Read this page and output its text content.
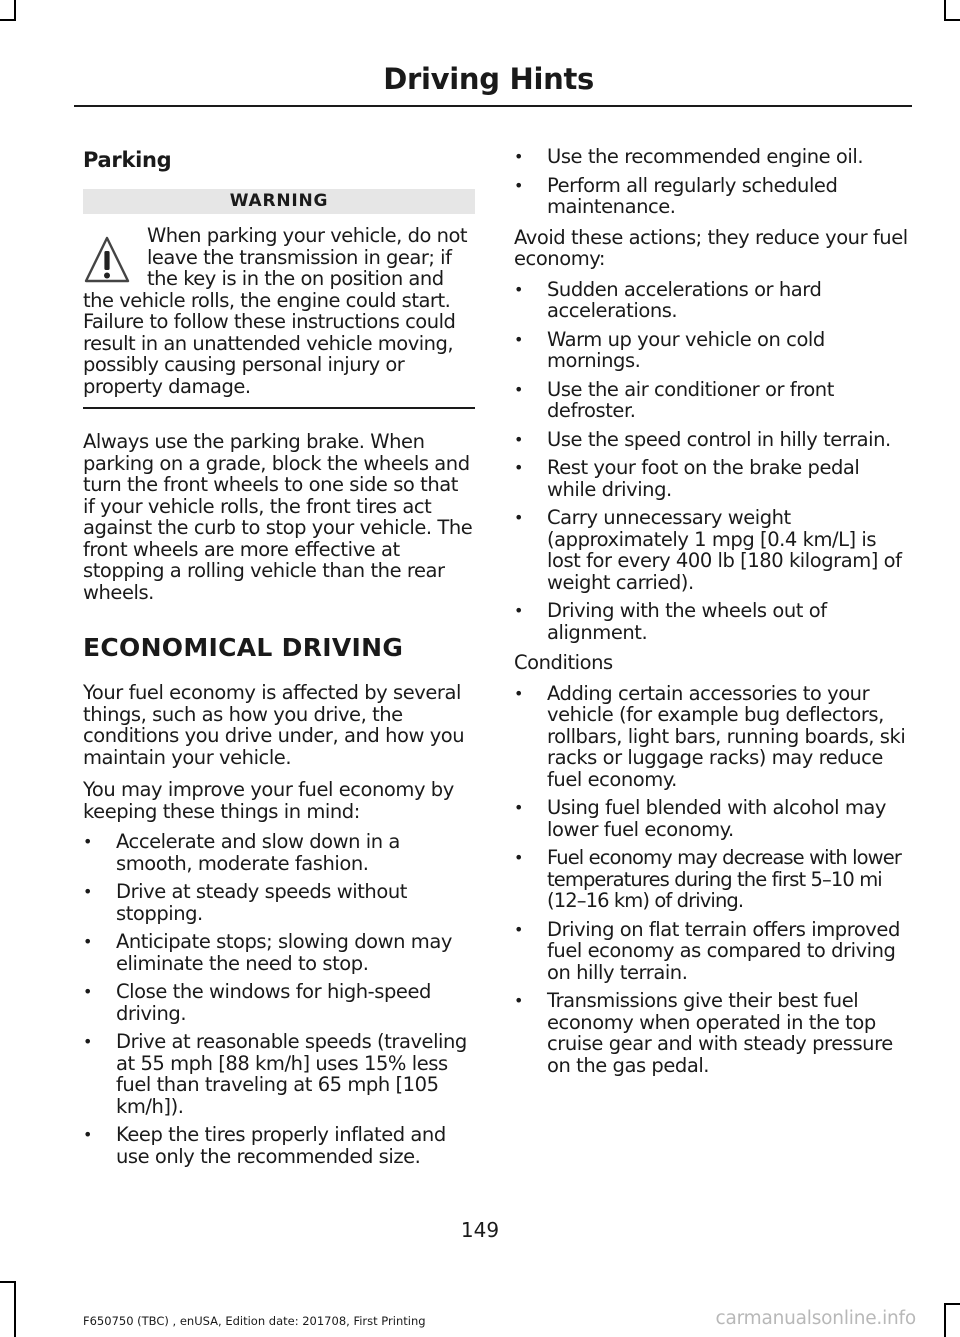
Driving Hints
Parking
WARNING

When parking your vehicle, do not leave the transmission in gear; if the key is in the on position and the vehicle rolls, the engine could start. Failure to follow these instructions could result in an unattended vehicle moving, possibly causing personal injury or property damage.

Always use the parking brake. When parking on a grade, block the wheels and turn the front wheels to one side so that if your vehicle rolls, the front tires act against the curb to stop your vehicle. The front wheels are more effective at stopping a rolling vehicle than the rear wheels.

ECONOMICAL DRIVING

Your fuel economy is affected by several things, such as how you drive, the conditions you drive under, and how you maintain your vehicle.

You may improve your fuel economy by keeping these things in mind:

• Accelerate and slow down in a smooth, moderate fashion.
• Drive at steady speeds without stopping.
• Anticipate stops; slowing down may eliminate the need to stop.
• Close the windows for high-speed driving.
• Drive at reasonable speeds (traveling at 55 mph [88 km/h] uses 15% less fuel than traveling at 65 mph [105 km/h]).
• Keep the tires properly inflated and use only the recommended size.
• Use the recommended engine oil.
• Perform all regularly scheduled maintenance.

Avoid these actions; they reduce your fuel economy:

• Sudden accelerations or hard accelerations.
• Warm up your vehicle on cold mornings.
• Use the air conditioner or front defroster.
• Use the speed control in hilly terrain.
• Rest your foot on the brake pedal while driving.
• Carry unnecessary weight (approximately 1 mpg [0.4 km/L] is lost for every 400 lb [180 kilogram] of weight carried).
• Driving with the wheels out of alignment.

Conditions

• Adding certain accessories to your vehicle (for example bug deflectors, rollbars, light bars, running boards, ski racks or luggage racks) may reduce fuel economy.
• Using fuel blended with alcohol may lower fuel economy.
• Fuel economy may decrease with lower temperatures during the first 5–10 mi (12–16 km) of driving.
• Driving on flat terrain offers improved fuel economy as compared to driving on hilly terrain.
• Transmissions give their best fuel economy when operated in the top cruise gear and with steady pressure on the gas pedal.
149
F650750 (TBC) , enUSA, Edition date: 201708, First Printing	carmanualsonline.info
